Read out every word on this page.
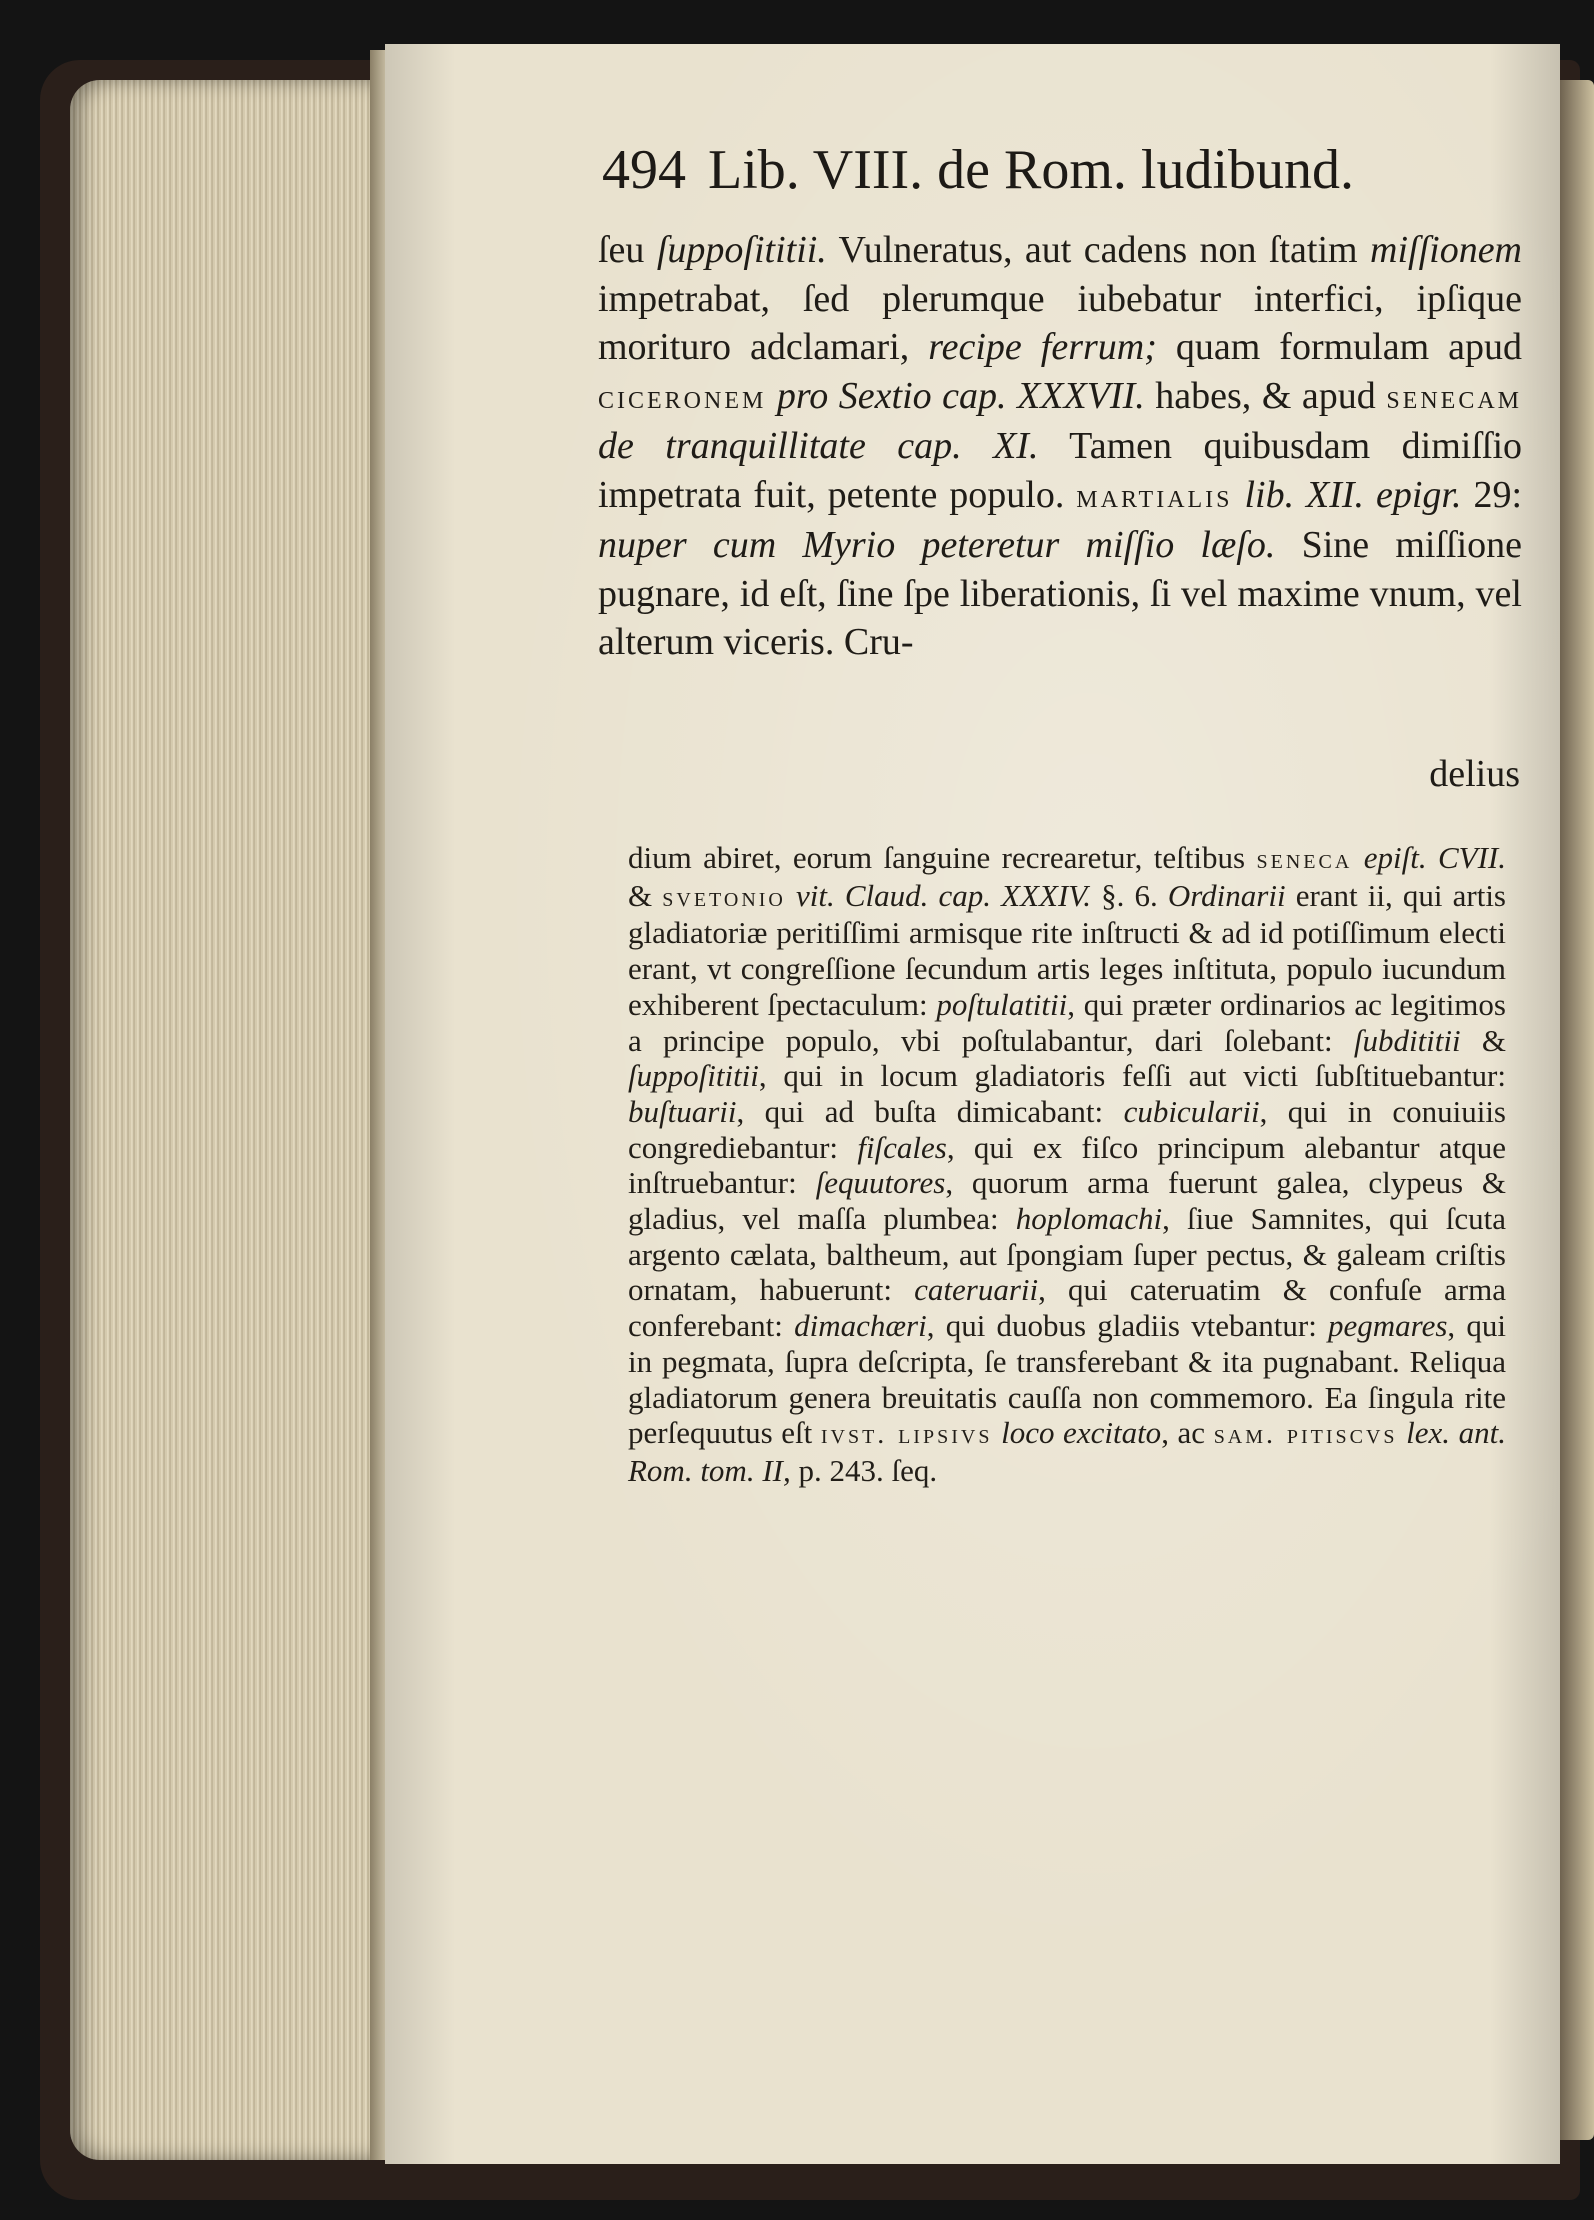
494 Lib. VIII. de Rom. ludibund.

ſeu ſuppoſititii. Vulneratus, aut cadens non ſtatim miſſionem impetrabat, ſed plerumque iubebatur interfici, ipſique morituro adclamari, recipe ferrum; quam formulam apud ciceronem pro Sextio cap. XXXVII. habes, & apud senecam de tranquillitate cap. XI. Tamen quibusdam dimiſſio impetrata fuit, petente populo. martialis lib. XII. epigr. 29: nuper cum Myrio peteretur miſſio læſo. Sine miſſione pugnare, id eſt, ſine ſpe liberationis, ſi vel maxime vnum, vel alterum viceris. Cru-

delius

dium abiret, eorum ſanguine recrearetur, teſtibus seneca epiſt. CVII. & svetonio vit. Claud. cap. XXXIV. §. 6. Ordinarii erant ii, qui artis gladiatoriæ peritiſſimi armisque rite inſtructi & ad id potiſſimum electi erant, vt congreſſione ſecundum artis leges inſtituta, populo iucundum exhiberent ſpectaculum: poſtulatitii, qui præter ordinarios ac legitimos a principe populo, vbi poſtulabantur, dari ſolebant: ſubdititii & ſuppoſititii, qui in locum gladiatoris feſſi aut victi ſubſtituebantur: buſtuarii, qui ad buſta dimicabant: cubicularii, qui in conuiuiis congrediebantur: fiſcales, qui ex fiſco principum alebantur atque inſtruebantur: ſequutores, quorum arma fuerunt galea, clypeus & gladius, vel maſſa plumbea: hoplomachi, ſiue Samnites, qui ſcuta argento cælata, balthеum, aut ſpongiam ſuper pectus, & galeam criſtis ornatam, habuerunt: cateruarii, qui cateruatim & confuſe arma conferebant: dimachæri, qui duobus gladiis vtebantur: pegmares, qui in pegmata, ſupra deſcripta, ſe transferebant & ita pugnabant. Reliqua gladiatorum genera breuitatis cauſſa non commemoro. Ea ſingula rite perſequutus eſt ivst. lipsivs loco excitato, ac sam. pitiscvs lex. ant. Rom. tom. II, p. 243. ſeq.
